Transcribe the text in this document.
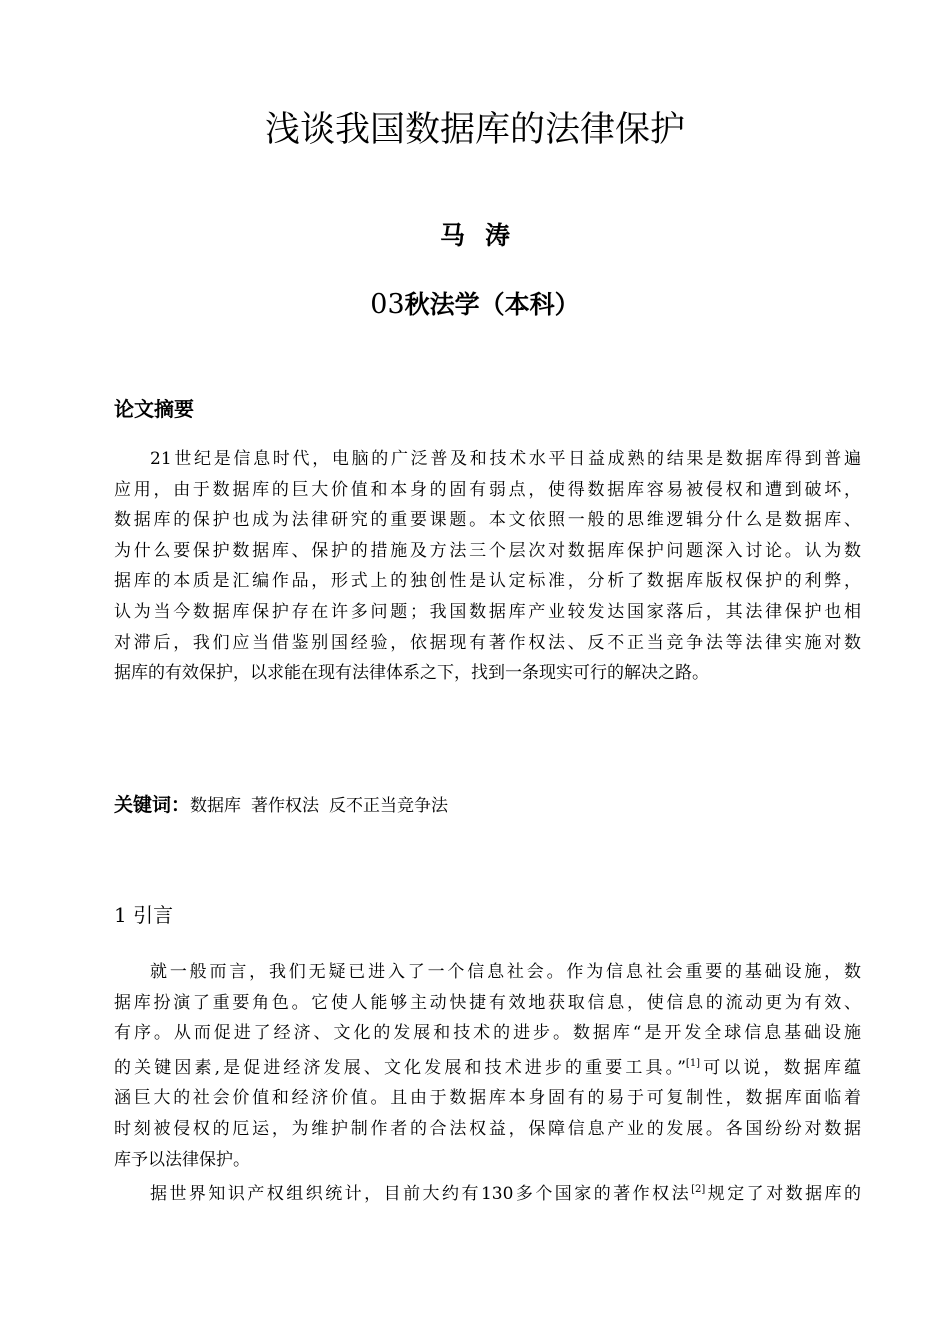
浅谈我国数据库的法律保护
马涛
03秋法学（本科）
论文摘要

21世纪是信息时代，电脑的广泛普及和技术水平日益成熟的结果是数据库得到普遍
应用，由于数据库的巨大价值和本身的固有弱点，使得数据库容易被侵权和遭到破坏，
数据库的保护也成为法律研究的重要课题。本文依照一般的思维逻辑分什么是数据库、
为什么要保护数据库、保护的措施及方法三个层次对数据库保护问题深入讨论。认为数
据库的本质是汇编作品，形式上的独创性是认定标准，分析了数据库版权保护的利弊，
认为当今数据库保护存在许多问题；我国数据库产业较发达国家落后，其法律保护也相
对滞后，我们应当借鉴别国经验，依据现有著作权法、反不正当竞争法等法律实施对数
据库的有效保护，以求能在现有法律体系之下，找到一条现实可行的解决之路。

关键词：数据库 著作权法 反不正当竞争法
1 引言

就一般而言，我们无疑已进入了一个信息社会。作为信息社会重要的基础设施，数
据库扮演了重要角色。它使人能够主动快捷有效地获取信息，使信息的流动更为有效、
有序。从而促进了经济、文化的发展和技术的进步。数据库“是开发全球信息基础设施
的关键因素,是促进经济发展、文化发展和技术进步的重要工具。”[1]可以说，数据库蕴
涵巨大的社会价值和经济价值。且由于数据库本身固有的易于可复制性，数据库面临着
时刻被侵权的厄运，为维护制作者的合法权益，保障信息产业的发展。各国纷纷对数据
库予以法律保护。

据世界知识产权组织统计，目前大约有130多个国家的著作权法[2]规定了对数据库的
